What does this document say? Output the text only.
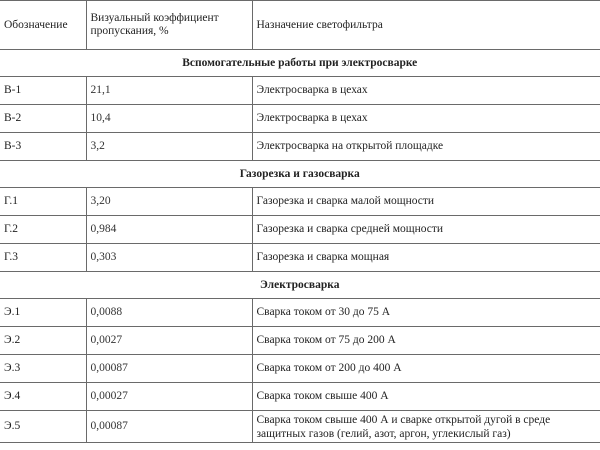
Обозначение	Визуальный коэффициент пропускания, %	Назначение светофильтра
Вспомогательные работы при электросварке		
В-1	21,1	Электросварка в цехах
В-2	10,4	Электросварка в цехах
В-3	3,2	Электросварка на открытой площадке
Газорезка и газосварка		
Г.1	3,20	Газорезка и сварка малой мощности
Г.2	0,984	Газорезка и сварка средней мощности
Г.3	0,303	Газорезка и сварка мощная
Электросварка		
Э.1	0,0088	Сварка током от 30 до 75 А
Э.2	0,0027	Сварка током от 75 до 200 А
Э.3	0,00087	Сварка током от 200 до 400 А
Э.4	0,00027	Сварка током свыше 400 А
Э.5	0,00087	Сварка током свыше 400 А и сварке открытой дугой в среде защитных газов (гелий, азот, аргон, углекислый газ)
